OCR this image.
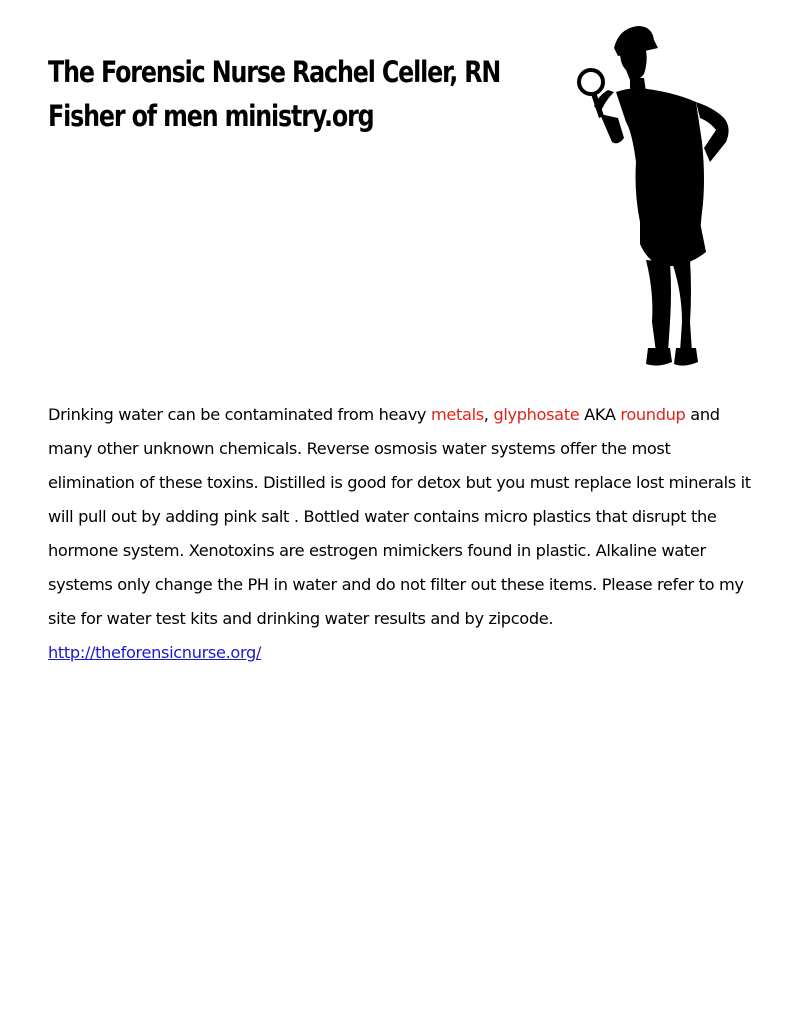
The Forensic Nurse Rachel Celler, RN
Fisher of men ministry.org

Drinking water can be contaminated from heavy metals, glyphosate AKA roundup and many other unknown chemicals. Reverse osmosis water systems offer the most elimination of these toxins. Distilled is good for detox but you must replace lost minerals it will pull out by adding pink salt . Bottled water contains micro plastics that disrupt the hormone system. Xenotoxins are estrogen mimickers found in plastic. Alkaline water systems only change the PH in water and do not filter out these items. Please refer to my site for water test kits and drinking water results and by zipcode. http://theforensicnurse.org/
